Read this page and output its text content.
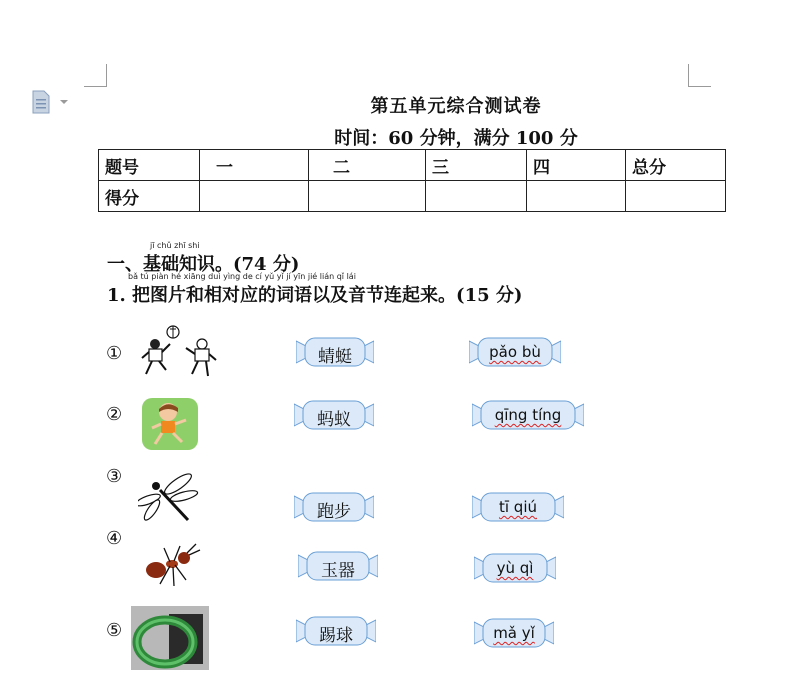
第五单元综合测试卷
时间：60 分钟，满分 100 分
题号	一	二	三	四	总分
得分					
jī chǔ zhī shi
一、基础知识。(74 分)
bǎ tú piàn hé xiāng duì yìng de cí yǔ yǐ jí yīn jié lián qǐ lái
1. 把图片和相对应的词语以及音节连起来。(15 分)
①
②
③
④
⑤
蜻蜓
蚂蚁
跑步
玉器
踢球
pǎo bù
qīng tíng
tī qiú
yù qì
mǎ yǐ
